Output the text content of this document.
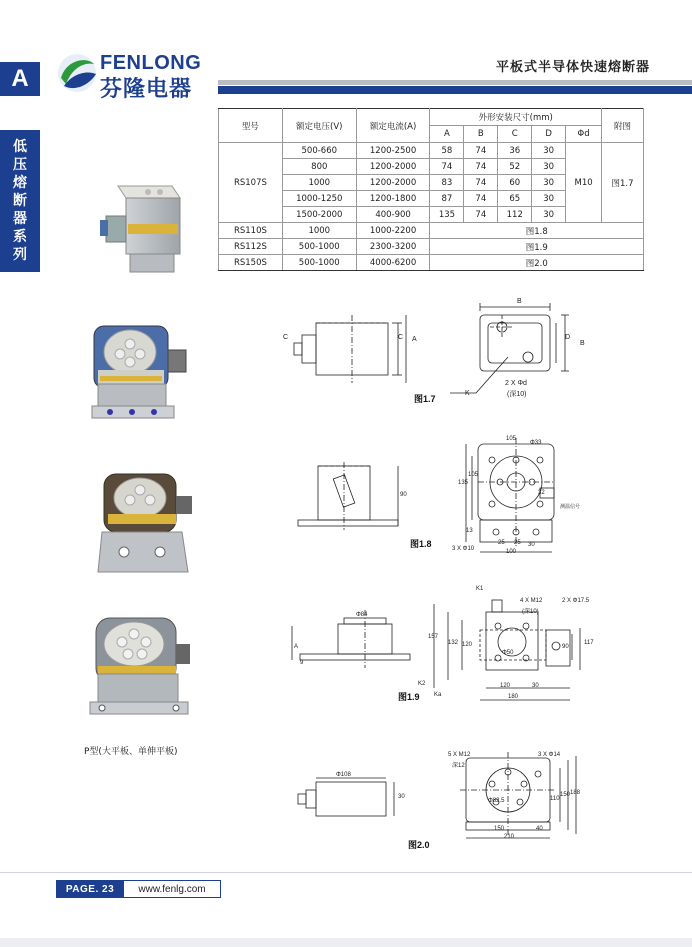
A
FENLONG
芬隆电器
平板式半导体快速熔断器
低
压
熔
断
器
系
列
型号	额定电压(V)	额定电流(A)	外形安装尺寸(mm)					附图
			A	B	C	D	Φd	
RS107S	500-660	1200-2500	58	74	36	30	M10	图1.7
	800	1200-2000	74	74	52	30		
	1000	1200-2000	83	74	60	30		
	1000-1250	1200-1800	87	74	65	30		
	1500-2000	400-900	135	74	112	30		
RS110S	1000	1000-2200	图1.8					
RS112S	500-1000	2300-3200	图1.9					
RS150S	500-1000	4000-6200	图2.0					
P型(大平板、单伸平板)
C	C A
B
D
B
K
2 X Φd
(深10)
图1.7
105
Φ33
135
105
90
13
3 X Φ10
25 25
100
30
32
测温信号
图1.8
K1
K2
Ka
4 X M12
(深10)
2 X Φ17.5
Φ84
A
9
157
132 120
Φ50
90
117
120	30
180
图1.9
5 X M12
深12
3 X Φ14
Φ108
30
Φ82.5	110
150 188
150	40
210
图2.0
PAGE. 23	www.fenlg.com
